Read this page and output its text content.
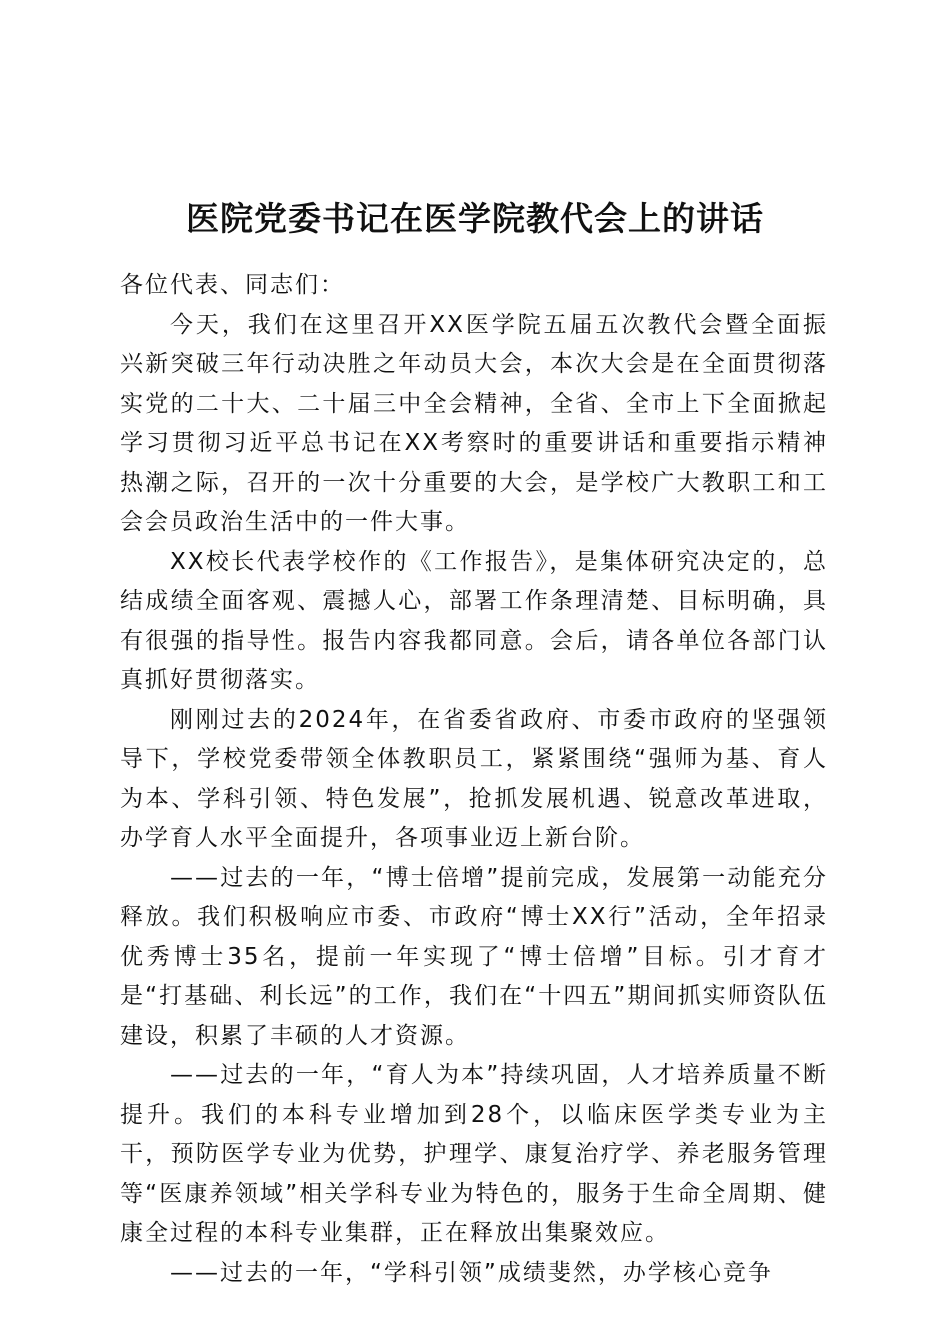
医院党委书记在医学院教代会上的讲话

各位代表、同志们：

今天，我们在这里召开XX医学院五届五次教代会暨全面振兴新突破三年行动决胜之年动员大会，本次大会是在全面贯彻落实党的二十大、二十届三中全会精神，全省、全市上下全面掀起学习贯彻习近平总书记在XX考察时的重要讲话和重要指示精神热潮之际，召开的一次十分重要的大会，是学校广大教职工和工会会员政治生活中的一件大事。

XX校长代表学校作的《工作报告》，是集体研究决定的，总结成绩全面客观、震撼人心，部署工作条理清楚、目标明确，具有很强的指导性。报告内容我都同意。会后，请各单位各部门认真抓好贯彻落实。

刚刚过去的2024年，在省委省政府、市委市政府的坚强领导下，学校党委带领全体教职员工，紧紧围绕“强师为基、育人为本、学科引领、特色发展”，抢抓发展机遇、锐意改革进取，办学育人水平全面提升，各项事业迈上新台阶。

——过去的一年，“博士倍增”提前完成，发展第一动能充分释放。我们积极响应市委、市政府“博士XX行”活动，全年招录优秀博士35名，提前一年实现了“博士倍增”目标。引才育才是“打基础、利长远”的工作，我们在“十四五”期间抓实师资队伍建设，积累了丰硕的人才资源。

——过去的一年，“育人为本”持续巩固，人才培养质量不断提升。我们的本科专业增加到28个，以临床医学类专业为主干，预防医学专业为优势，护理学、康复治疗学、养老服务管理等“医康养领域”相关学科专业为特色的，服务于生命全周期、健康全过程的本科专业集群，正在释放出集聚效应。

——过去的一年，“学科引领”成绩斐然，办学核心竞争
